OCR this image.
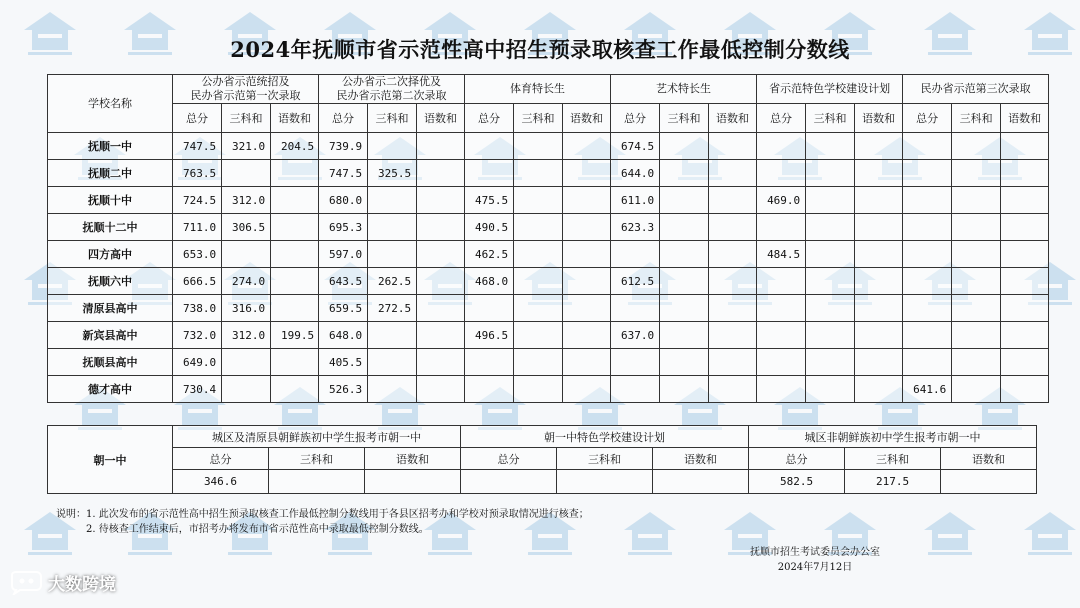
2024年抚顺市省示范性高中招生预录取核查工作最低控制分数线
学校名称	公办省示范统招及
民办省示范第一次录取			公办省示二次择优及
民办省示范第二次录取			体育特长生			艺术特长生			省示范特色学校建设计划			民办省示范第三次录取		
	总分	三科和	语数和	总分	三科和	语数和	总分	三科和	语数和	总分	三科和	语数和	总分	三科和	语数和	总分	三科和	语数和
抚顺一中	747.5	321.0	204.5	739.9						674.5								
抚顺二中	763.5			747.5	325.5					644.0								
抚顺十中	724.5	312.0		680.0			475.5			611.0			469.0					
抚顺十二中	711.0	306.5		695.3			490.5			623.3								
四方高中	653.0			597.0			462.5						484.5					
抚顺六中	666.5	274.0		643.5	262.5		468.0			612.5								
清原县高中	738.0	316.0		659.5	272.5													
新宾县高中	732.0	312.0	199.5	648.0			496.5			637.0								
抚顺县高中	649.0			405.5														
德才高中	730.4			526.3												641.6		
朝一中	城区及清原县朝鲜族初中学生报考市朝一中			朝一中特色学校建设计划			城区非朝鲜族初中学生报考市朝一中		
	总分	三科和	语数和	总分	三科和	语数和	总分	三科和	语数和
	346.6						582.5	217.5	
说明：1. 此次发布的省示范性高中招生预录取核查工作最低控制分数线用于各县区招考办和学校对预录取情况进行核查；
2. 待核查工作结束后，市招考办将发布市省示范性高中录取最低控制分数线。
抚顺市招生考试委员会办公室
2024年7月12日
大数跨境
